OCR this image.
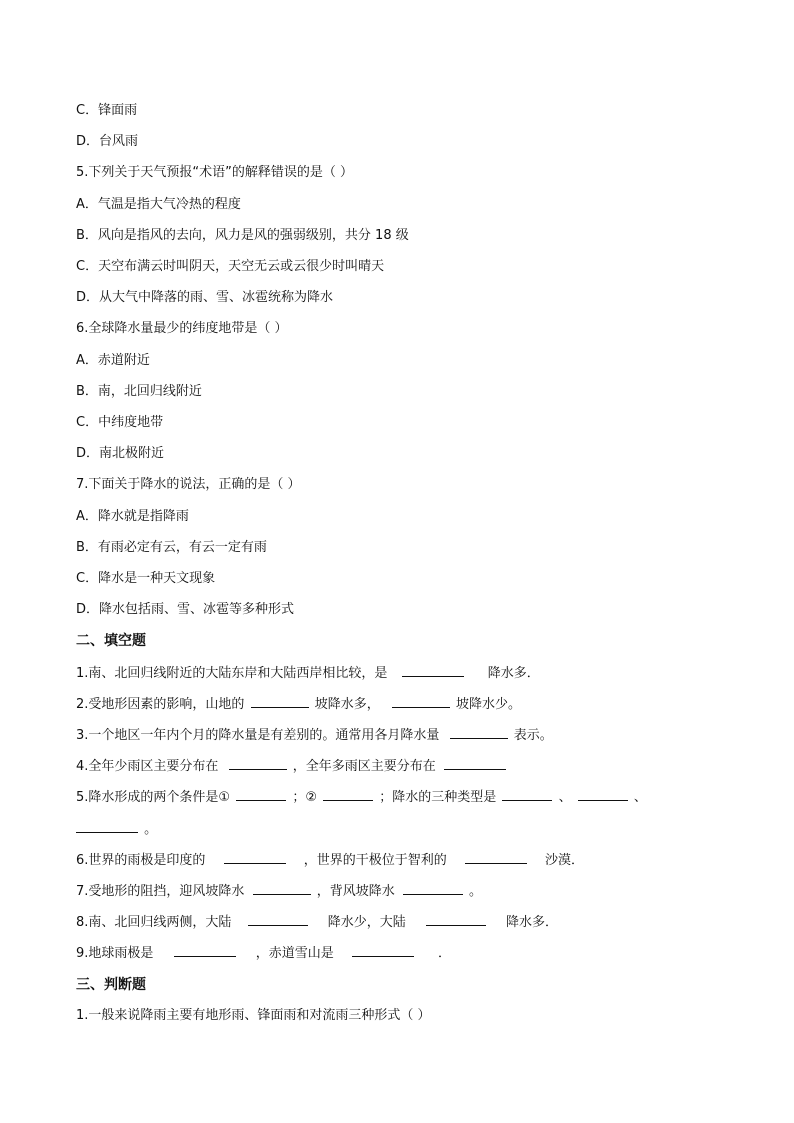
C．锋面雨
D．台风雨
5.下列关于天气预报“术语”的解释错误的是（ ）
A．气温是指大气冷热的程度
B．风向是指风的去向，风力是风的强弱级别，共分 18 级
C．天空布满云时叫阴天，天空无云或云很少时叫晴天
D．从大气中降落的雨、雪、冰雹统称为降水
6.全球降水量最少的纬度地带是（ ）
A．赤道附近
B．南，北回归线附近
C．中纬度地带
D．南北极附近
7.下面关于降水的说法，正确的是（ ）
A．降水就是指降雨
B．有雨必定有云，有云一定有雨
C．降水是一种天文现象
D．降水包括雨、雪、冰雹等多种形式
二、填空题
1.南、北回归线附近的大陆东岸和大陆西岸相比较，是	降水多．
2.受地形因素的影响，山地的	坡降水多，	坡降水少。
3.一个地区一年内个月的降水量是有差别的。通常用各月降水量	表示。
4.全年少雨区主要分布在	，全年多雨区主要分布在
5.降水形成的两个条件是①	；②	；降水的三种类型是	、	、
。
6.世界的雨极是印度的	，世界的干极位于智利的	沙漠．
7.受地形的阻挡，迎风坡降水	，背风坡降水	。
8.南、北回归线两侧，大陆	降水少，大陆	降水多．
9.地球雨极是	，赤道雪山是	．
三、判断题
1.一般来说降雨主要有地形雨、锋面雨和对流雨三种形式（ ）
